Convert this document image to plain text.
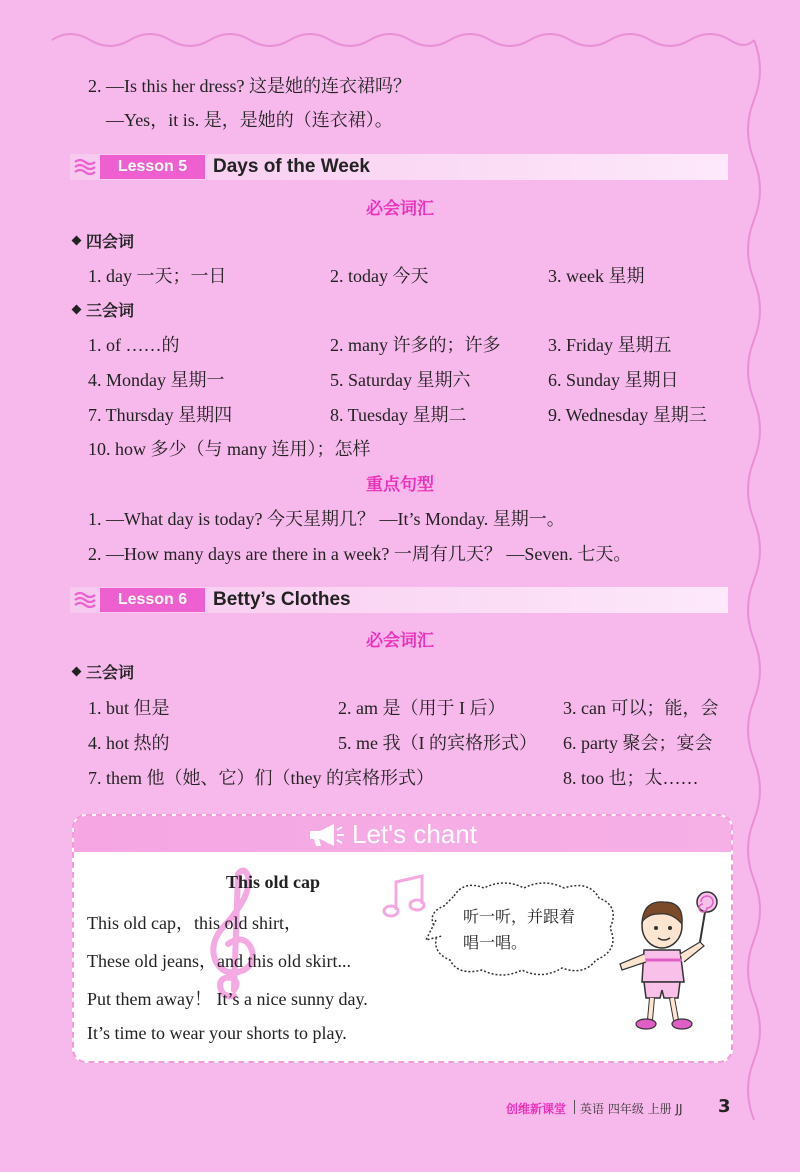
2. —Is this her dress? 这是她的连衣裙吗？
—Yes，it is. 是，是她的（连衣裙）。
Lesson 5	Days of the Week
必会词汇
四会词
1. day 一天；一日	2. today 今天	3. week 星期
三会词
1. of ……的	2. many 许多的；许多	3. Friday 星期五
4. Monday 星期一	5. Saturday 星期六	6. Sunday 星期日
7. Thursday 星期四	8. Tuesday 星期二	9. Wednesday 星期三
10. how 多少（与 many 连用）；怎样
重点句型
1. —What day is today? 今天星期几？ —It’s Monday. 星期一。
2. —How many days are there in a week? 一周有几天？ —Seven. 七天。
Lesson 6	Betty’s Clothes
必会词汇
三会词
1. but 但是	2. am 是（用于 I 后）	3. can 可以；能，会
4. hot 热的	5. me 我（I 的宾格形式） 6. party 聚会；宴会
7. them 他（她、它）们（they 的宾格形式）	8. too 也；太……
Let's chant
This old cap
This old cap，this old shirt，
These old jeans，and this old skirt...
Put them away！ It’s a nice sunny day.
It’s time to wear your shorts to play.
听一听，并跟着
唱一唱。
创维新课堂 英语 四年级 上册 JJ 3
